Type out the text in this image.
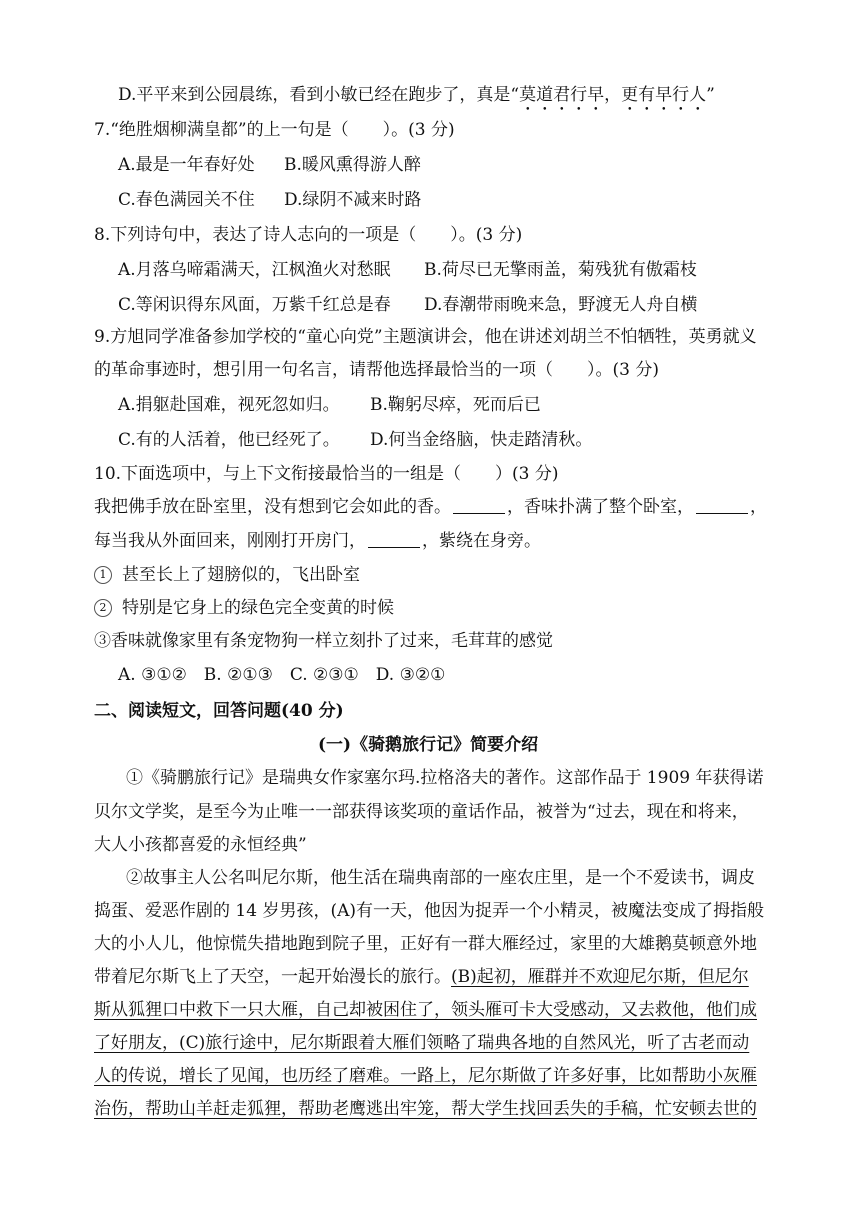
D.平平来到公园晨练，看到小敏已经在跑步了，真是“莫道君行早，更有早行人”
7.“绝胜烟柳满皇都”的上一句是（　　）。(3 分)
A.最是一年春好处 B.暖风熏得游人醉
C.春色满园关不住 D.绿阴不减来时路
8.下列诗句中，表达了诗人志向的一项是（　　）。(3 分)
A.月落乌啼霜满天，江枫渔火对愁眠 B.荷尽已无擎雨盖，菊残犹有傲霜枝
C.等闲识得东风面，万紫千红总是春 D.春潮带雨晚来急，野渡无人舟自横
9.方旭同学准备参加学校的“童心向党”主题演讲会，他在讲述刘胡兰不怕牺牲，英勇就义
的革命事迹时，想引用一句名言，请帮他选择最恰当的一项（　　）。(3 分)
A.捐躯赴国难，视死忽如归。 B.鞠躬尽瘁，死而后已
C.有的人活着，他已经死了。 D.何当金络脑，快走踏清秋。
10.下面选项中，与上下文衔接最恰当的一组是（　　）(3 分)
我把佛手放在卧室里，没有想到它会如此的香。	，香味扑满了整个卧室，	，
每当我从外面回来，刚刚打开房门，	，紫绕在身旁。
1 甚至长上了翅膀似的，飞出卧室
2 特别是它身上的绿色完全变黄的时候
③香味就像家里有条宠物狗一样立刻扑了过来，毛茸茸的感觉
A. ③①②　B. ②①③　C. ②③①　D. ③②①
二、阅读短文，回答问题(40 分)
(一)《骑鹅旅行记》简要介绍
①《骑鹏旅行记》是瑞典女作家塞尔玛.拉格洛夫的著作。这部作品于 1909 年获得诺
贝尔文学奖，是至今为止唯一一部获得该奖项的童话作品，被誉为“过去，现在和将来，
大人小孩都喜爱的永恒经典”
②故事主人公名叫尼尔斯，他生活在瑞典南部的一座农庄里，是一个不爱读书，调皮
捣蛋、爱恶作剧的 14 岁男孩，(A)有一天，他因为捉弄一个小精灵，被魔法变成了拇指般
大的小人儿，他惊慌失措地跑到院子里，正好有一群大雁经过，家里的大雄鹅莫顿意外地
带着尼尔斯飞上了天空，一起开始漫长的旅行。(B)起初，雁群并不欢迎尼尔斯，但尼尔
斯从狐狸口中救下一只大雁，自己却被困住了，领头雁可卡大受感动，又去救他，他们成
了好朋友，(C)旅行途中，尼尔斯跟着大雁们领略了瑞典各地的自然风光，听了古老而动
人的传说，增长了见闻，也历经了磨难。一路上，尼尔斯做了许多好事，比如帮助小灰雁
治伤，帮助山羊赶走狐狸，帮助老鹰逃出牢笼，帮大学生找回丢失的手稿，忙安顿去世的
